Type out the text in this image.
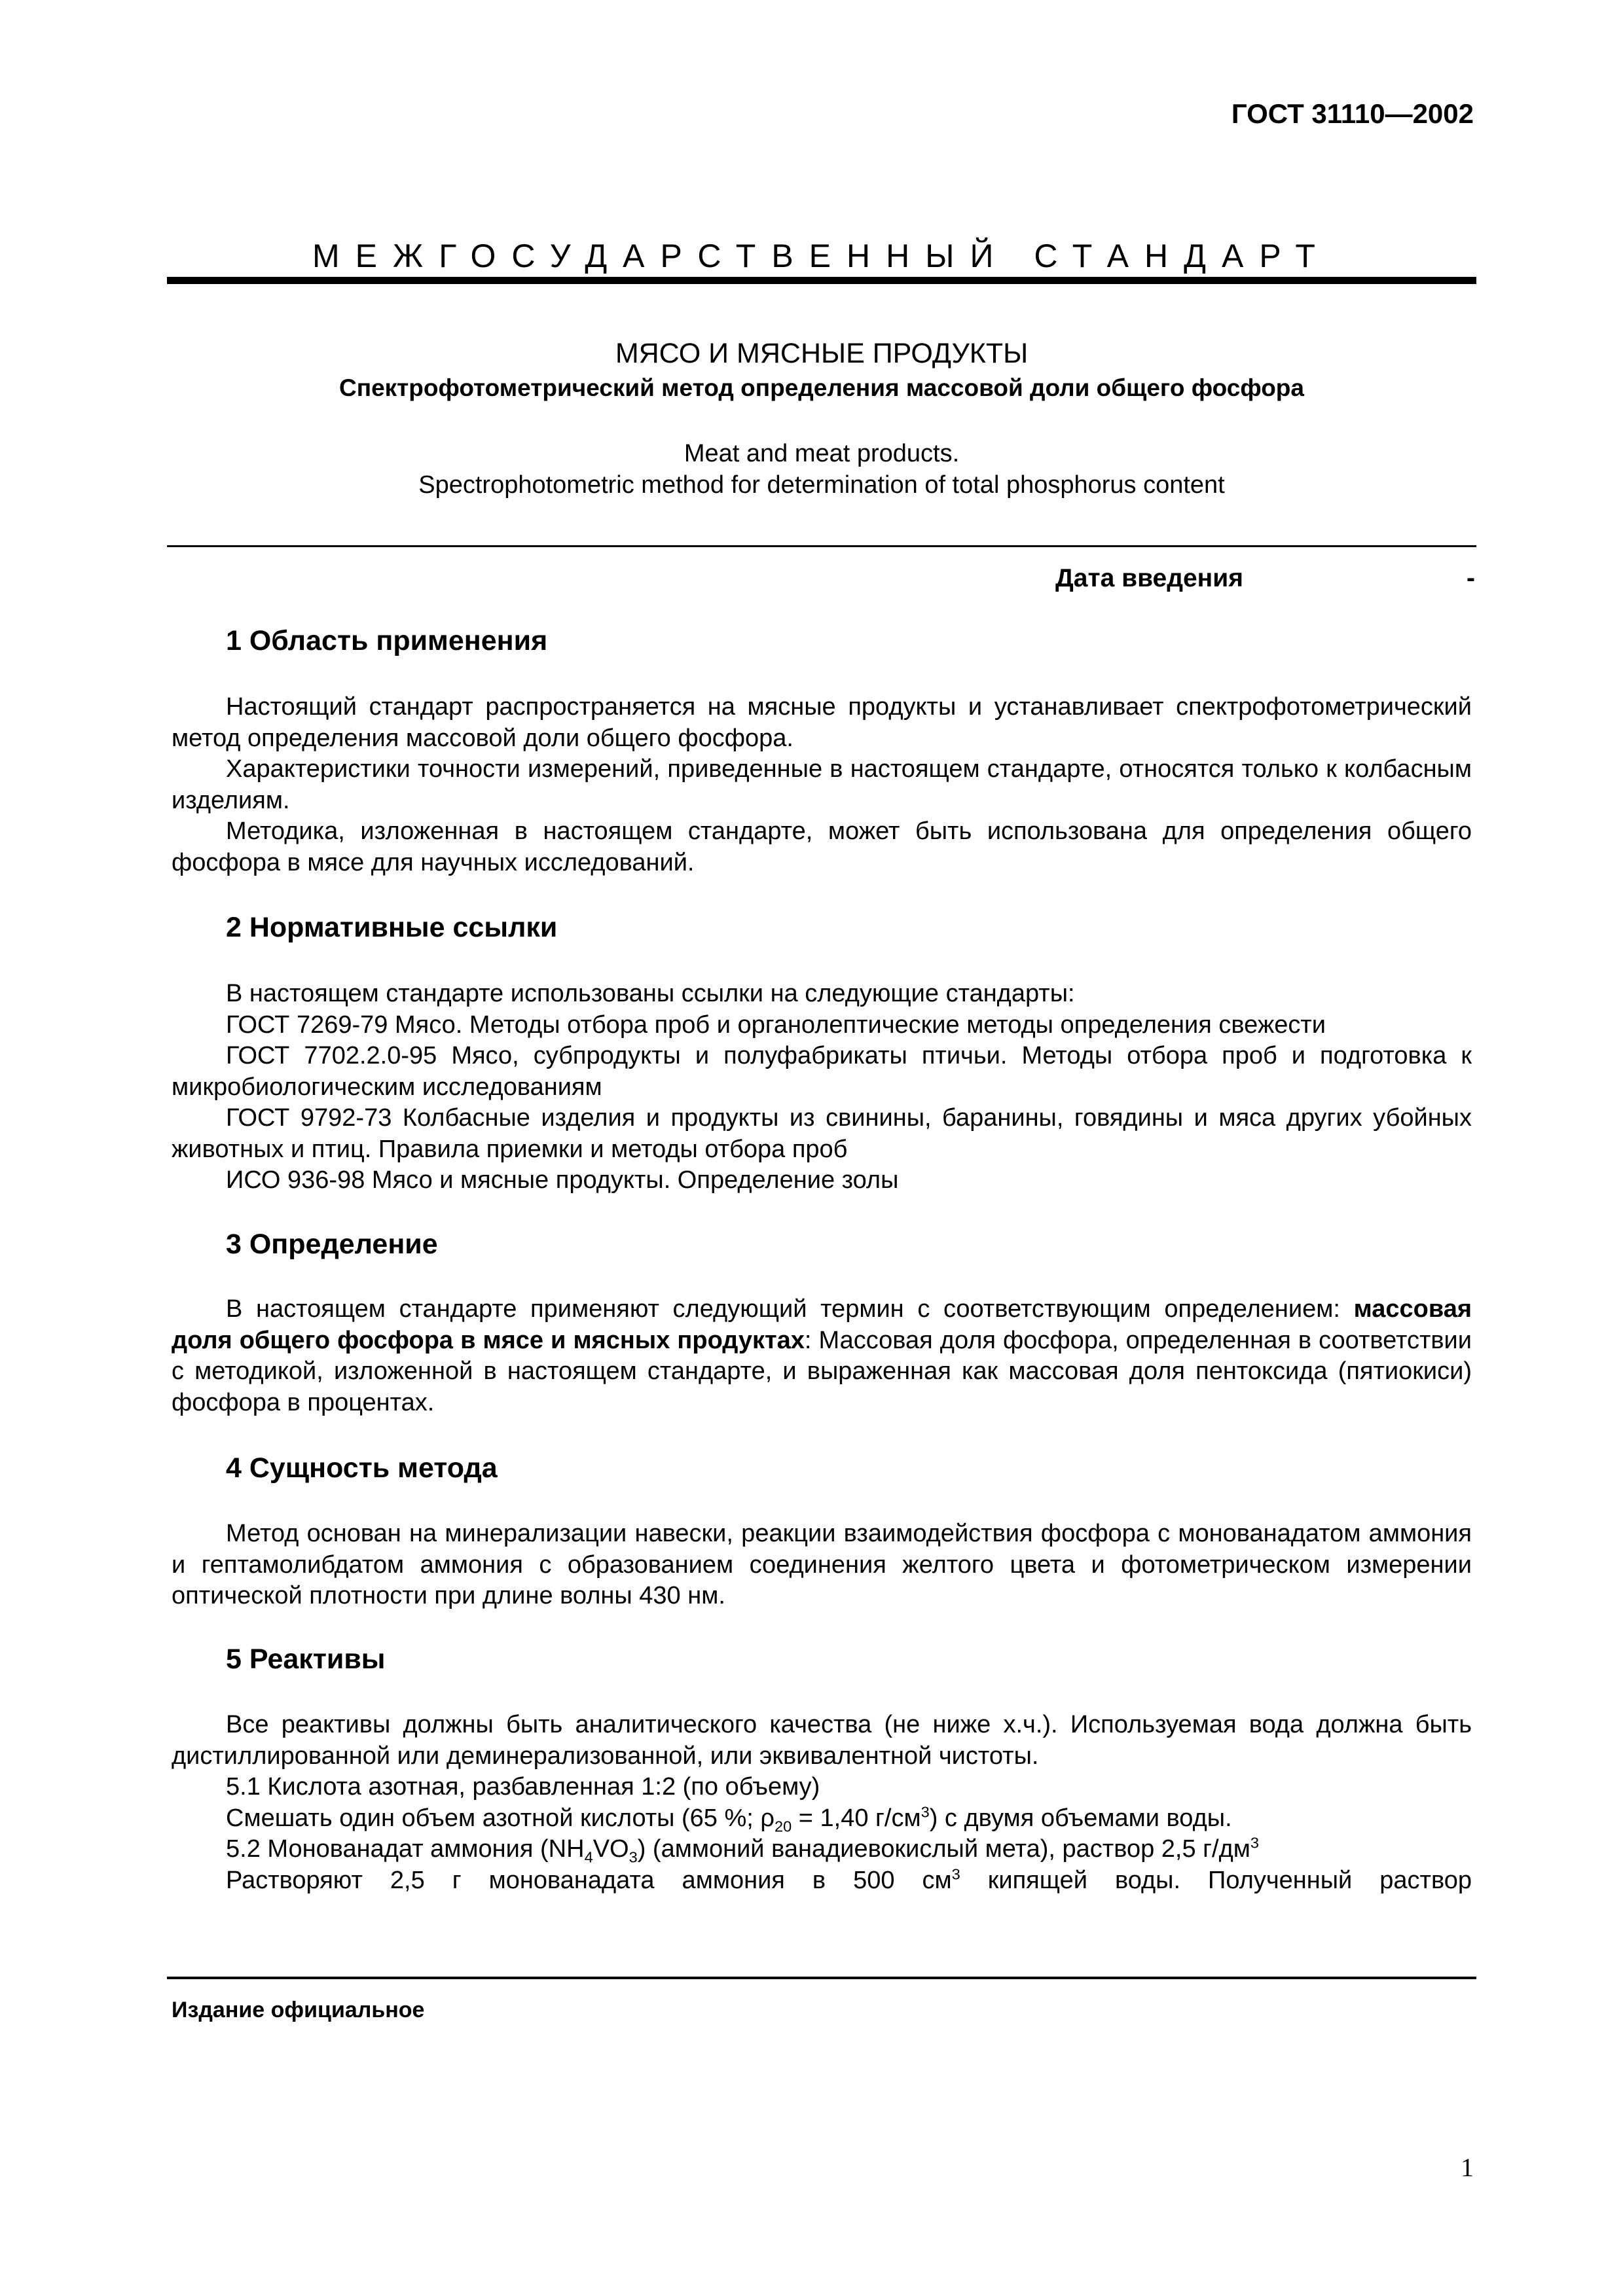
ГОСТ 31110—2002
МЕЖГОСУДАРСТВЕННЫЙ СТАНДАРТ
МЯСО И МЯСНЫЕ ПРОДУКТЫ
Спектрофотометрический метод определения массовой доли общего фосфора
Meat and meat products.
Spectrophotometric method for determination of total phosphorus content
Дата введения	-
1 Область применения

Настоящий стандарт распространяется на мясные продукты и устанавливает спектрофотометрический метод определения массовой доли общего фосфора.

Характеристики точности измерений, приведенные в настоящем стандарте, относятся только к колбасным изделиям.

Методика, изложенная в настоящем стандарте, может быть использована для определения общего фосфора в мясе для научных исследований.

2 Нормативные ссылки

В настоящем стандарте использованы ссылки на следующие стандарты:

ГОСТ 7269-79 Мясо. Методы отбора проб и органолептические методы определения свежести

ГОСТ 7702.2.0-95 Мясо, субпродукты и полуфабрикаты птичьи. Методы отбора проб и подготовка к микробиологическим исследованиям

ГОСТ 9792-73 Колбасные изделия и продукты из свинины, баранины, говядины и мяса других убойных животных и птиц. Правила приемки и методы отбора проб

ИСО 936-98 Мясо и мясные продукты. Определение золы

3 Определение

В настоящем стандарте применяют следующий термин с соответствующим определением: массовая доля общего фосфора в мясе и мясных продуктах: Массовая доля фосфора, определенная в соответствии с методикой, изложенной в настоящем стандарте, и выраженная как массовая доля пентоксида (пятиокиси) фосфора в процентах.

4 Сущность метода

Метод основан на минерализации навески, реакции взаимодействия фосфора с монованадатом аммония и гептамолибдатом аммония с образованием соединения желтого цвета и фотометрическом измерении оптической плотности при длине волны 430 нм.

5 Реактивы

Все реактивы должны быть аналитического качества (не ниже х.ч.). Используемая вода должна быть дистиллированной или деминерализованной, или эквивалентной чистоты.

5.1 Кислота азотная, разбавленная 1:2 (по объему)

Смешать один объем азотной кислоты (65 %; $\rho_{20} = 1,40$ $г/см^3$) с двумя объемами воды.

5.2 Монованадат аммония $(NH_4VO_3)$ (аммоний ванадиевокислый мета), раствор 2,5 $г/дм^3$

Растворяют 2,5 г монованадата аммония в 500 $см^3$ кипящей воды. Полученный раствор

Издание официальное
1
